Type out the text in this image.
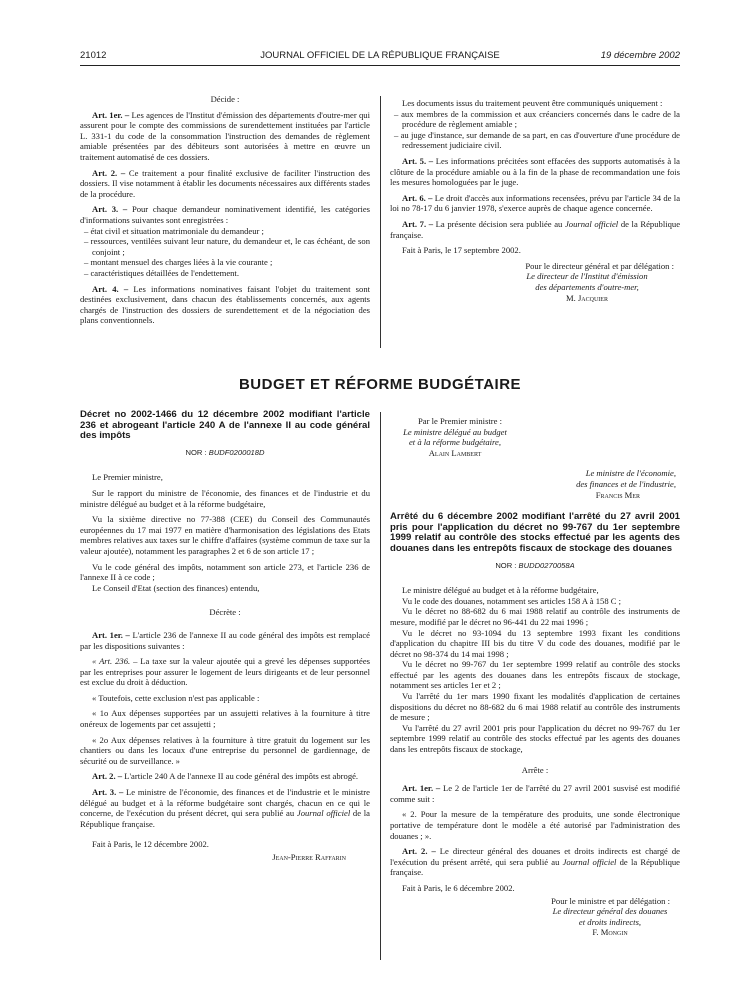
21012	JOURNAL OFFICIEL DE LA RÉPUBLIQUE FRANÇAISE	19 décembre 2002

Décide :

Art. 1er. – Les agences de l'Institut d'émission des départements d'outre-mer qui assurent pour le compte des commissions de surendettement instituées par l'article L. 331-1 du code de la consommation l'instruction des demandes de règlement amiable présentées par des débiteurs sont autorisées à mettre en œuvre un traitement automatisé de ces dossiers.

Art. 2. – Ce traitement a pour finalité exclusive de faciliter l'instruction des dossiers. Il vise notamment à établir les documents nécessaires aux différents stades de la procédure.

Art. 3. – Pour chaque demandeur nominativement identifié, les catégories d'informations suivantes sont enregistrées :

– état civil et situation matrimoniale du demandeur ;
– ressources, ventilées suivant leur nature, du demandeur et, le cas échéant, de son conjoint ;
– montant mensuel des charges liées à la vie courante ;
– caractéristiques détaillées de l'endettement.

Art. 4. – Les informations nominatives faisant l'objet du traitement sont destinées exclusivement, dans chacun des établissements concernés, aux agents chargés de l'instruction des dossiers de surendettement et de la négociation des plans conventionnels.

Les documents issus du traitement peuvent être communiqués uniquement :

– aux membres de la commission et aux créanciers concernés dans le cadre de la procédure de règlement amiable ;
– au juge d'instance, sur demande de sa part, en cas d'ouverture d'une procédure de redressement judiciaire civil.

Art. 5. – Les informations précitées sont effacées des supports automatisés à la clôture de la procédure amiable ou à la fin de la phase de recommandation une fois les mesures homologuées par le juge.

Art. 6. – Le droit d'accès aux informations recensées, prévu par l'article 34 de la loi no 78-17 du 6 janvier 1978, s'exerce auprès de chaque agence concernée.

Art. 7. – La présente décision sera publiée au Journal officiel de la République française.

Fait à Paris, le 17 septembre 2002.

Pour le directeur général et par délégation :
Le directeur de l'Institut d'émission
des départements d'outre-mer,
M. Jacquier
BUDGET ET RÉFORME BUDGÉTAIRE
Décret no 2002-1466 du 12 décembre 2002 modifiant l'article 236 et abrogeant l'article 240 A de l'annexe II au code général des impôts
NOR : BUDF0200018D

Le Premier ministre,

Sur le rapport du ministre de l'économie, des finances et de l'industrie et du ministre délégué au budget et à la réforme budgétaire,

Vu la sixième directive no 77-388 (CEE) du Conseil des Communautés européennes du 17 mai 1977 en matière d'harmonisation des législations des Etats membres relatives aux taxes sur le chiffre d'affaires (système commun de taxe sur la valeur ajoutée), notamment les paragraphes 2 et 6 de son article 17 ;

Vu le code général des impôts, notamment son article 273, et l'article 236 de l'annexe II à ce code ;

Le Conseil d'Etat (section des finances) entendu,

Décrète :

Art. 1er. – L'article 236 de l'annexe II au code général des impôts est remplacé par les dispositions suivantes :

« Art. 236. – La taxe sur la valeur ajoutée qui a grevé les dépenses supportées par les entreprises pour assurer le logement de leurs dirigeants et de leur personnel est exclue du droit à déduction.

« Toutefois, cette exclusion n'est pas applicable :

« 1o Aux dépenses supportées par un assujetti relatives à la fourniture à titre onéreux de logements par cet assujetti ;

« 2o Aux dépenses relatives à la fourniture à titre gratuit du logement sur les chantiers ou dans les locaux d'une entreprise du personnel de gardiennage, de sécurité ou de surveillance. »

Art. 2. – L'article 240 A de l'annexe II au code général des impôts est abrogé.

Art. 3. – Le ministre de l'économie, des finances et de l'industrie et le ministre délégué au budget et à la réforme budgétaire sont chargés, chacun en ce qui le concerne, de l'exécution du présent décret, qui sera publié au Journal officiel de la République française.

Fait à Paris, le 12 décembre 2002.

Jean-Pierre Raffarin
Par le Premier ministre :
Le ministre délégué au budget
et à la réforme budgétaire,
Alain Lambert
Le ministre de l'économie,
des finances et de l'industrie,
Francis Mer
Arrêté du 6 décembre 2002 modifiant l'arrêté du 27 avril 2001 pris pour l'application du décret no 99-767 du 1er septembre 1999 relatif au contrôle des stocks effectué par les agents des douanes dans les entrepôts fiscaux de stockage des douanes
NOR : BUDD0270058A

Le ministre délégué au budget et à la réforme budgétaire,

Vu le code des douanes, notamment ses articles 158 A à 158 C ;

Vu le décret no 88-682 du 6 mai 1988 relatif au contrôle des instruments de mesure, modifié par le décret no 96-441 du 22 mai 1996 ;

Vu le décret no 93-1094 du 13 septembre 1993 fixant les conditions d'application du chapitre III bis du titre V du code des douanes, modifié par le décret no 98-374 du 14 mai 1998 ;

Vu le décret no 99-767 du 1er septembre 1999 relatif au contrôle des stocks effectué par les agents des douanes dans les entrepôts fiscaux de stockage, notamment ses articles 1er et 2 ;

Vu l'arrêté du 1er mars 1990 fixant les modalités d'application de certaines dispositions du décret no 88-682 du 6 mai 1988 relatif au contrôle des instruments de mesure ;

Vu l'arrêté du 27 avril 2001 pris pour l'application du décret no 99-767 du 1er septembre 1999 relatif au contrôle des stocks effectué par les agents des douanes dans les entrepôts fiscaux de stockage,

Arrête :

Art. 1er. – Le 2 de l'article 1er de l'arrêté du 27 avril 2001 susvisé est modifié comme suit :

« 2. Pour la mesure de la température des produits, une sonde électronique portative de température dont le modèle a été autorisé par l'administration des douanes ; ».

Art. 2. – Le directeur général des douanes et droits indirects est chargé de l'exécution du présent arrêté, qui sera publié au Journal officiel de la République française.

Fait à Paris, le 6 décembre 2002.

Pour le ministre et par délégation :
Le directeur général des douanes
et droits indirects,
F. Mongin
